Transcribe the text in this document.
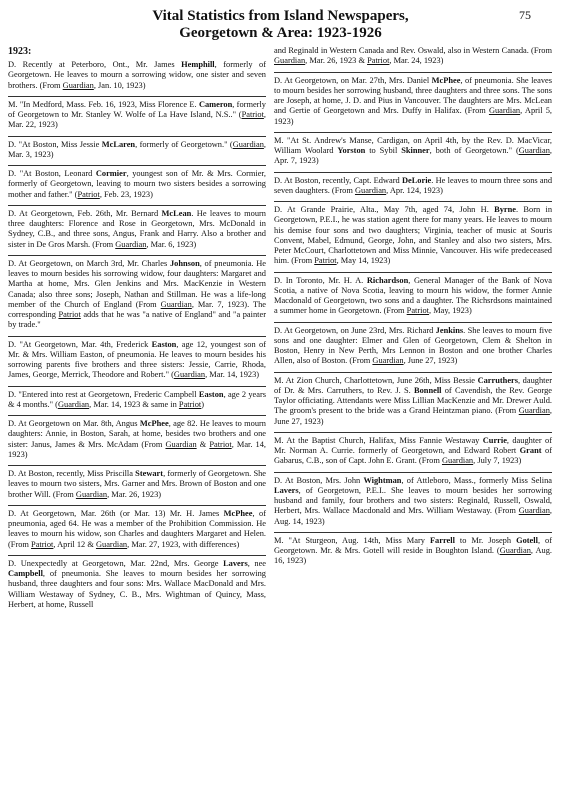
Vital Statistics from Island Newspapers,
Georgetown & Area: 1923-1926
75
1923:

D. Recently at Peterboro, Ont., Mr. James Hemphill, formerly of Georgetown. He leaves to mourn a sorrowing widow, one sister and seven brothers. (From Guardian, Jan. 10, 1923)

M. "In Medford, Mass. Feb. 16, 1923, Miss Florence E. Cameron, formerly of Georgetown to Mr. Stanley W. Wolfe of La Have Island, N.S.." (Patriot, Mar. 22, 1923)

D. "At Boston, Miss Jessie McLaren, formerly of Georgetown." (Guardian, Mar. 3, 1923)

D. "At Boston, Leonard Cormier, youngest son of Mr. & Mrs. Cormier, formerly of Georgetown, leaving to mourn two sisters besides a sorrowing mother and father." (Patriot, Feb. 23, 1923)

D. At Georgetown, Feb. 26th, Mr. Bernard McLean. He leaves to mourn three daughters: Florence and Rose in Georgetown, Mrs. McDonald in Sydney, C.B., and three sons, Angus, Frank and Harry. Also a brother and sister in De Gros Marsh. (From Guardian, Mar. 6, 1923)

D. At Georgetown, on March 3rd, Mr. Charles Johnson, of pneumonia. He leaves to mourn besides his sorrowing widow, four daughters: Margaret and Martha at home, Mrs. Glen Jenkins and Mrs. MacKenzie in Western Canada; also three sons; Joseph, Nathan and Stillman. He was a life-long member of the Church of England (From Guardian, Mar. 7, 1923). The corresponding Patriot adds that he was "a native of England" and "a painter by trade."

D. "At Georgetown, Mar. 4th, Frederick Easton, age 12, youngest son of Mr. & Mrs. William Easton, of pneumonia. He leaves to mourn besides his sorrowing parents five brothers and three sisters: Jessie, Carrie, Rhoda, James, George, Merrick, Theodore and Robert." (Guardian, Mar. 14, 1923)

D. "Entered into rest at Georgetown, Frederic Campbell Easton, age 2 years & 4 months." (Guardian, Mar. 14, 1923 & same in Patriot)

D. At Georgetown on Mar. 8th, Angus McPhee, age 82. He leaves to mourn daughters: Annie, in Boston, Sarah, at home, besides two brothers and one sister: Janus, James & Mrs. McAdam (From Guardian & Patriot, Mar. 14, 1923)

D. At Boston, recently, Miss Priscilla Stewart, formerly of Georgetown. She leaves to mourn two sisters, Mrs. Garner and Mrs. Brown of Boston and one brother Will. (From Guardian, Mar. 26, 1923)

D. At Georgetown, Mar. 26th (or Mar. 13) Mr. H. James McPhee, of pneumonia, aged 64. He was a member of the Prohibition Commission. He leaves to mourn his widow, son Charles and daughters Margaret and Helen. (From Patriot, April 12 & Guardian, Mar. 27, 1923, with differences)

D. Unexpectedly at Georgetown, Mar. 22nd, Mrs. George Lavers, nee Campbell, of pneumonia. She leaves to mourn besides her sorrowing husband, three daughters and four sons: Mrs. Wallace MacDonald and Mrs. William Westaway of Sydney, C. B., Mrs. Wightman of Quincy, Mass, Herbert, at home, Russell

and Reginald in Western Canada and Rev. Oswald, also in Western Canada. (From Guardian, Mar. 26, 1923 & Patriot, Mar. 24, 1923)

D. At Georgetown, on Mar. 27th, Mrs. Daniel McPhee, of pneumonia. She leaves to mourn besides her sorrowing husband, three daughters and three sons. The sons are Joseph, at home, J. D. and Pius in Vancouver. The daughters are Mrs. McLean and Gertie of Georgetown and Mrs. Duffy in Halifax. (From Guardian, April 5, 1923)

M. "At St. Andrew's Manse, Cardigan, on April 4th, by the Rev. D. MacVicar, William Woolard Yorston to Sybil Skinner, both of Georgetown." (Guardian, Apr. 7, 1923)

D. At Boston, recently, Capt. Edward DeLorie. He leaves to mourn three sons and seven daughters. (From Guardian, Apr. 124, 1923)

D. At Grande Prairie, Alta., May 7th, aged 74, John H. Byrne. Born in Georgetown, P.E.I., he was station agent there for many years. He leaves to mourn his demise four sons and two daughters; Virginia, teacher of music at Souris Convent, Mabel, Edmund, George, John, and Stanley and also two sisters, Mrs. Peter McCourt, Charlottetown and Miss Minnie, Vancouver. His wife predeceased him. (From Patriot, May 14, 1923)

D. In Toronto, Mr. H. A. Richardson, General Manager of the Bank of Nova Scotia, a native of Nova Scotia, leaving to mourn his widow, the former Annie Macdonald of Georgetown, two sons and a daughter. The Richsrdsons maintained a summer home in Georgetown. (From Patriot, May, 1923)

D. At Georgetown, on June 23rd, Mrs. Richard Jenkins. She leaves to mourn five sons and one daughter: Elmer and Glen of Georgetown, Clem & Shelton in Boston, Henry in New Perth, Mrs Lennon in Boston and one brother Charles Allen, also of Boston. (From Guardian, June 27, 1923)

M. At Zion Church, Charlottetown, June 26th, Miss Bessie Carruthers, daughter of Dr. & Mrs. Carruthers, to Rev. J. S. Bonnell of Cavendish, the Rev. George Taylor officiating. Attendants were Miss Lillian MacKenzie and Mr. Drewer Auld. The groom's present to the bride was a Grand Heintzman piano. (From Guardian, June 27, 1923)

M. At the Baptist Church, Halifax, Miss Fannie Westaway Currie, daughter of Mr. Norman A. Currie. formerly of Georgetown, and Edward Robert Grant of Gabarus, C.B., son of Capt. John E. Grant. (From Guardian, July 7, 1923)

D. At Boston, Mrs. John Wightman, of Attleboro, Mass., formerly Miss Selina Lavers, of Georgetown, P.E.I.. She leaves to mourn besides her sorrowing husband and family, four brothers and two sisters: Reginald, Russell, Oswald, Herbert, Mrs. Wallace Macdonald and Mrs. William Westaway. (From Guardian, Aug. 14, 1923)

M. "At Sturgeon, Aug. 14th, Miss Mary Farrell to Mr. Joseph Gotell, of Georgetown. Mr. & Mrs. Gotell will reside in Boughton Island. (Guardian, Aug. 16, 1923)
